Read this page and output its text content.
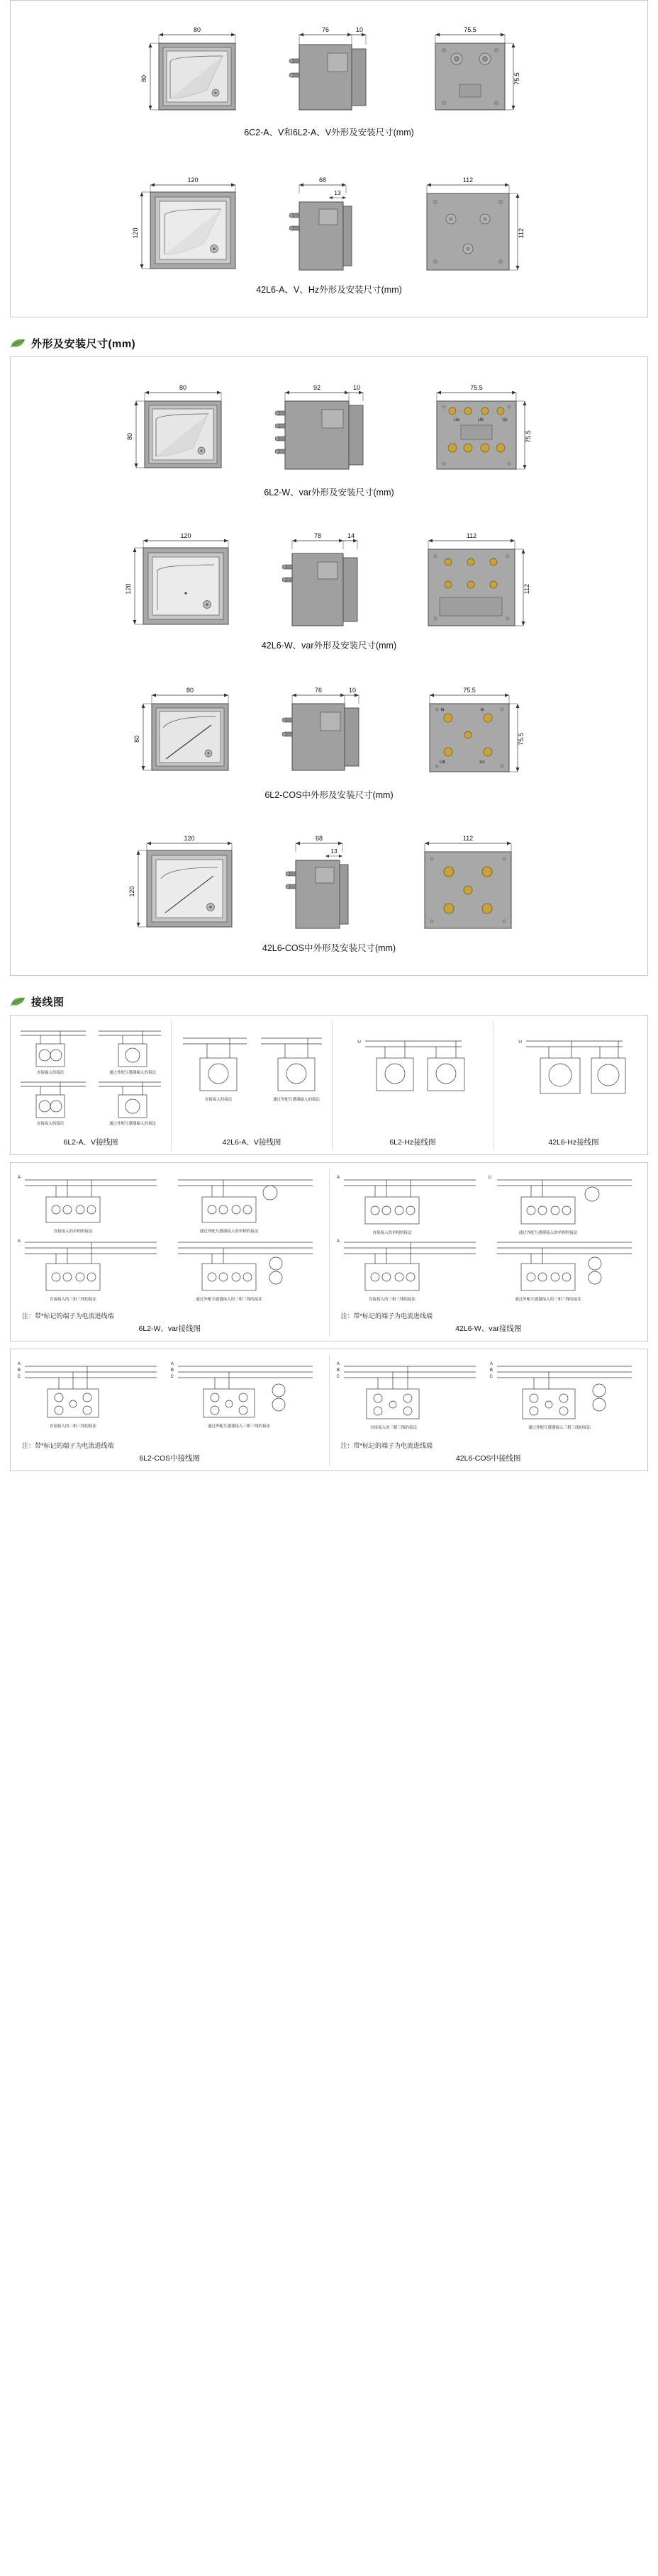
80
80
76	10	75.5
75.5
6C2-A、V和6L2-A、V外形及安装尺寸(mm)
120
120
68
13
112
112
42L6-A、V、Hz外形及安装尺寸(mm)
外形及安装尺寸(mm)
80
80
92	10
Ua	Ub	Uc
75.5
75.5
6L2-W、var外形及安装尺寸(mm)
120
120
78	14	112
112
42L6-W、var外形及安装尺寸(mm)
80
80
76	10
Ia	Ia
Ub	Uc
75.5
75.5
6L2-COS中外形及安装尺寸(mm)
120
120
68
13
112
42L6-COS中外形及安装尺寸(mm)
接线图
直接输入的接法	通过外配互感器输入的接法
直接接入的接法	通过外配互感器输入的接法
6L2-A、V接线图
直接接入的接法	通过外配互感器输入的接法
42L6-A、V接线图
U
6L2-Hz接线图
U
42L6-Hz接线图
A
A
直接接入的单相的接法	通过外配互感器接入的单相的接法
直接接入的三相三线的接法	通过外配互感器接入的三相三线的接法
注：带*标记的端子为电流进线端
6L2-W、var接线图
A
A
U
直接接入的单相的接法	通过外配互感器接入的单相的接法
直接接入的三相三线的接法	通过外配互感器接入的三相三线的接法
注：带*标记的端子为电流进线端
42L6-W、var接线图
A
B
C
A
B
C
直接接入的三相三线的接法	通过外配互感器接入三相三线的接法
注：带*标记的端子为电流进线端
6L2-COS中接线图
A
B
C
A
B
C
直接接入的三相三线的接法	通过外配互感器接入三相三线的接法
注：带*标记的端子为电流进线端
42L6-COS中接线图
